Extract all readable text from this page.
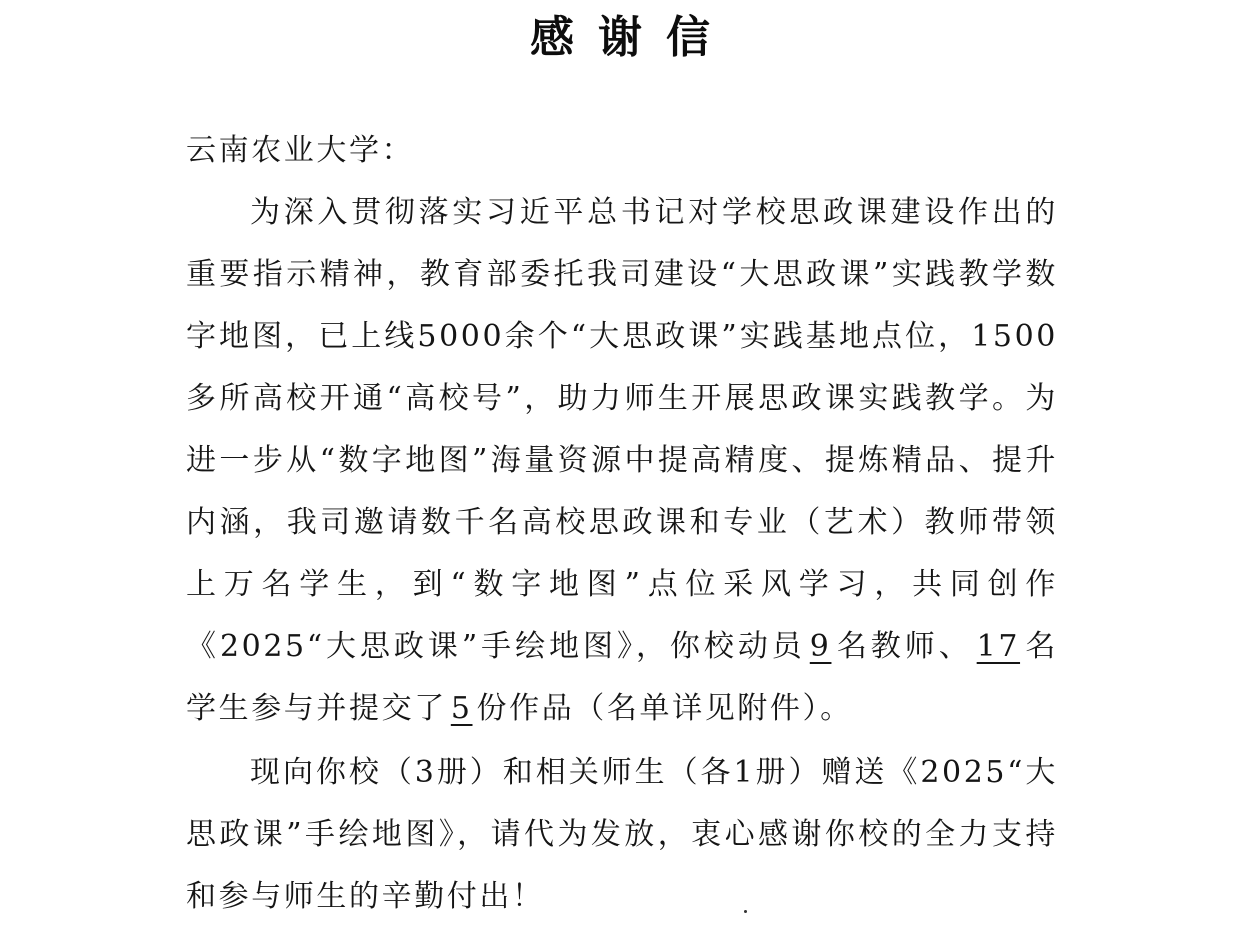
感谢信

云南农业大学：

为深入贯彻落实习近平总书记对学校思政课建设作出的重要指示精神，教育部委托我司建设“大思政课”实践教学数字地图，已上线5000余个“大思政课”实践基地点位，1500多所高校开通“高校号”，助力师生开展思政课实践教学。为进一步从“数字地图”海量资源中提高精度、提炼精品、提升内涵，我司邀请数千名高校思政课和专业（艺术）教师带领上万名学生，到“数字地图”点位采风学习，共同创作《2025“大思政课”手绘地图》，你校动员 9 名教师、 17 名学生参与并提交了 5 份作品（名单详见附件）。

现向你校（3册）和相关师生（各1册）赠送《2025“大思政课”手绘地图》，请代为发放，衷心感谢你校的全力支持和参与师生的辛勤付出！
